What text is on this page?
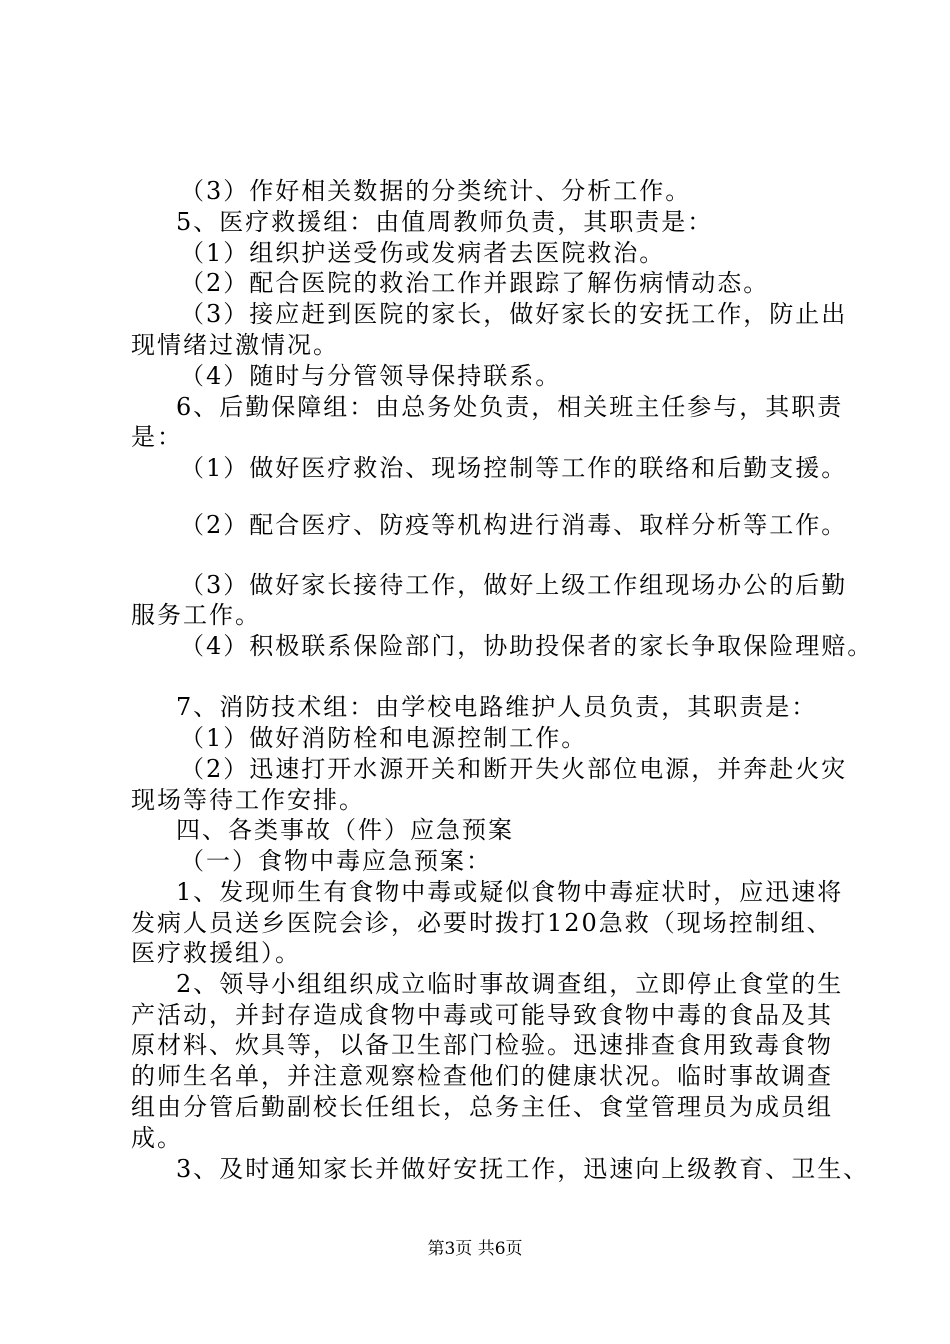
（3）作好相关数据的分类统计、分析工作。
5、医疗救援组：由值周教师负责，其职责是：
（1）组织护送受伤或发病者去医院救治。
（2）配合医院的救治工作并跟踪了解伤病情动态。
（3）接应赶到医院的家长，做好家长的安抚工作，防止出
现情绪过激情况。
（4）随时与分管领导保持联系。
6、后勤保障组：由总务处负责，相关班主任参与，其职责
是：
（1）做好医疗救治、现场控制等工作的联络和后勤支援。
（2）配合医疗、防疫等机构进行消毒、取样分析等工作。
（3）做好家长接待工作，做好上级工作组现场办公的后勤
服务工作。
（4）积极联系保险部门，协助投保者的家长争取保险理赔。
7、消防技术组：由学校电路维护人员负责，其职责是：
（1）做好消防栓和电源控制工作。
（2）迅速打开水源开关和断开失火部位电源，并奔赴火灾
现场等待工作安排。
四、各类事故（件）应急预案
（一）食物中毒应急预案：
1、发现师生有食物中毒或疑似食物中毒症状时，应迅速将
发病人员送乡医院会诊，必要时拨打120急救（现场控制组、
医疗救援组）。
2、领导小组组织成立临时事故调查组，立即停止食堂的生
产活动，并封存造成食物中毒或可能导致食物中毒的食品及其
原材料、炊具等，以备卫生部门检验。迅速排查食用致毒食物
的师生名单，并注意观察检查他们的健康状况。临时事故调查
组由分管后勤副校长任组长，总务主任、食堂管理员为成员组
成。
3、及时通知家长并做好安抚工作，迅速向上级教育、卫生、
第3页 共6页
